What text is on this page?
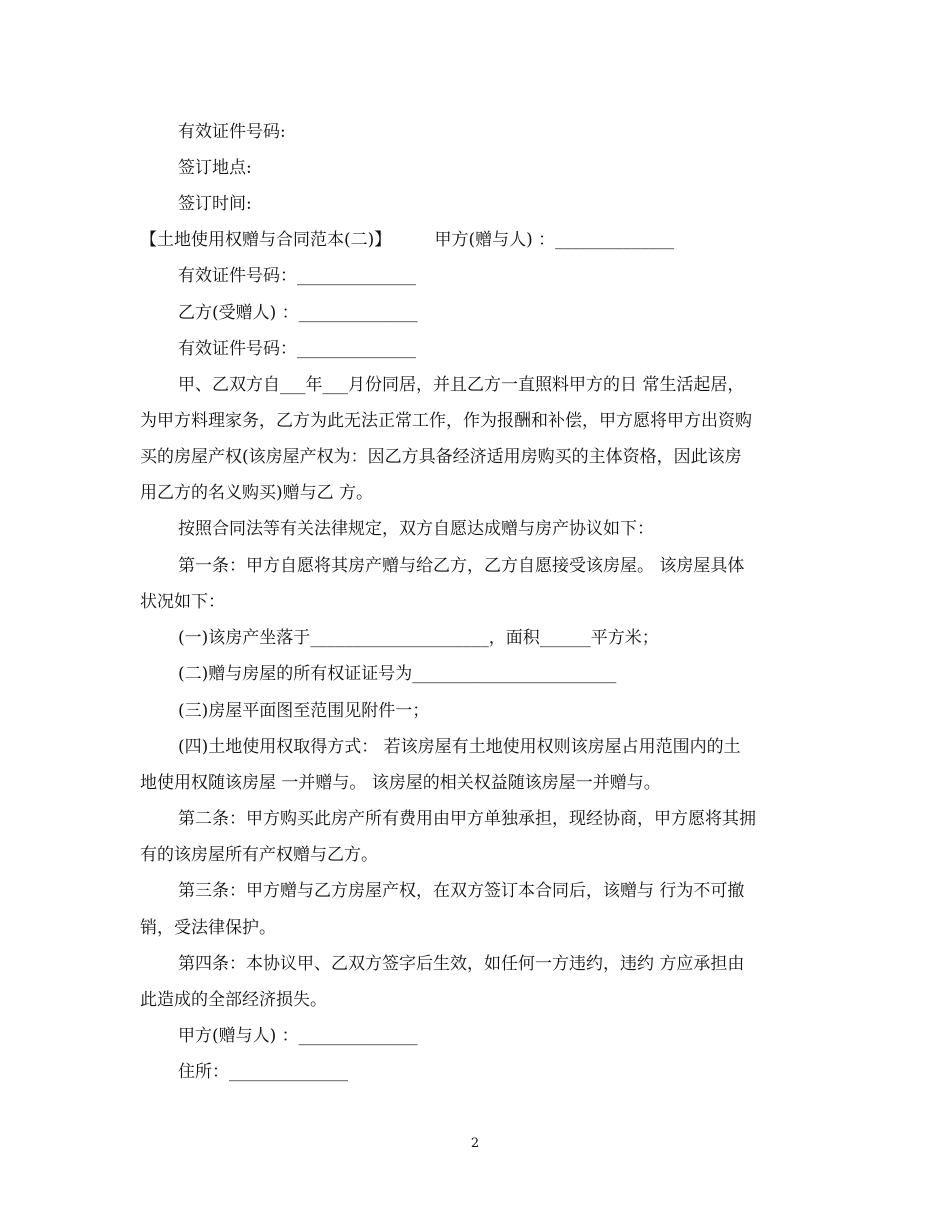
有效证件号码:
签订地点:
签订时间:
【土地使用权赠与合同范本(二)】        甲方(赠与人) ：______________
有效证件号码：______________
乙方(受赠人) ：______________
有效证件号码：______________
甲、乙双方自___年___月份同居，并且乙方一直照料甲方的日 常生活起居，
为甲方料理家务，乙方为此无法正常工作，作为报酬和补偿，甲方愿将甲方出资购
买的房屋产权(该房屋产权为：因乙方具备经济适用房购买的主体资格，因此该房
用乙方的名义购买)赠与乙 方。
按照合同法等有关法律规定，双方自愿达成赠与房产协议如下：
第一条：甲方自愿将其房产赠与给乙方，乙方自愿接受该房屋。 该房屋具体
状况如下：
(一)该房产坐落于_____________________，面积______平方米；
(二)赠与房屋的所有权证证号为________________________
(三)房屋平面图至范围见附件一；
(四)土地使用权取得方式： 若该房屋有土地使用权则该房屋占用范围内的土
地使用权随该房屋 一并赠与。 该房屋的相关权益随该房屋一并赠与。
第二条：甲方购买此房产所有费用由甲方单独承担，现经协商，甲方愿将其拥
有的该房屋所有产权赠与乙方。
第三条：甲方赠与乙方房屋产权，在双方签订本合同后，该赠与 行为不可撤
销，受法律保护。
第四条：本协议甲、乙双方签字后生效，如任何一方违约，违约 方应承担由
此造成的全部经济损失。
甲方(赠与人) ：______________
住所：______________
2
